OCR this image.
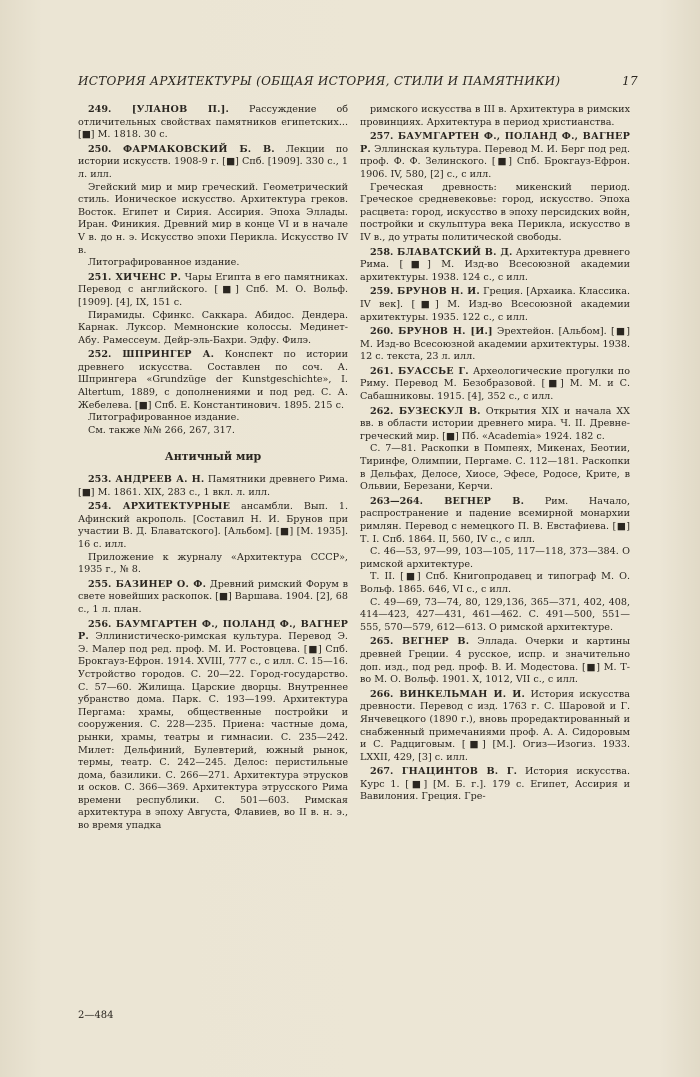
ИСТОРИЯ АРХИТЕКТУРЫ (ОБЩАЯ ИСТОРИЯ, СТИЛИ И ПАМЯТНИКИ)	17

249. [УЛАНОВ П.]. Рассуждение об отличительных свойствах памятников египетских... [■] М. 1818. 30 с.

250. ФАРМАКОВСКИЙ Б. В. Лекции по истории искусств. 1908-9 г. [■] Спб. [1909]. 330 с., 1 л. илл.

Эгейский мир и мир греческий. Геометрический стиль. Ионическое искусство. Архитектура греков. Восток. Египет и Сирия. Ассирия. Эпоха Эллады. Иран. Финикия. Древний мир в конце VI и в начале V в. до н. э. Искусство эпохи Перикла. Искусство IV в.

Литографированное издание.

251. ХИЧЕНС Р. Чары Египта в его памятниках. Перевод с английского. [■] Спб. М. О. Вольф. [1909]. [4], IX, 151 с.

Пирамиды. Сфинкс. Саккара. Абидос. Дендера. Карнак. Луксор. Мемнонские колоссы. Мединет-Абу. Рамессеум. Дейр-эль-Бахри. Эдфу. Филэ.

252. ШПРИНГЕР А. Конспект по истории древнего искусства. Составлен по соч. А. Шпрингера «Grundzüge der Kunstgeschichte», I. Altertum, 1889, с дополнениями и под ред. С. А. Жебелева. [■] Спб. Е. Константинович. 1895. 215 с.

Литографированное издание.

См. также №№ 266, 267, 317.

Античный мир

253. АНДРЕЕВ А. Н. Памятники древнего Рима. [■] М. 1861. XIX, 283 с., 1 вкл. л. илл.

254. АРХИТЕКТУРНЫЕ ансамбли. Вып. 1. Афинский акрополь. [Составил Н. И. Брунов при участии В. Д. Блаватского]. [Альбом]. [■] [М. 1935]. 16 с. илл.

Приложение к журналу «Архитектура СССР», 1935 г., № 8.

255. БАЗИНЕР О. Ф. Древний римский Форум в свете новейших раскопок. [■] Варшава. 1904. [2], 68 с., 1 л. план.

256. БАУМГАРТЕН Ф., ПОЛАНД Ф., ВАГНЕР Р. Эллинистическо-римская культура. Перевод Э. Э. Малер под ред. проф. М. И. Ростовцева. [■] Спб. Брокгауз-Ефрон. 1914. XVIII, 777 с., с илл. С. 15—16. Устройство городов. С. 20—22. Город-государство. С. 57—60. Жилища. Царские дворцы. Внутреннее убранство дома. Парк. С. 193—199. Архитектура Пергама: храмы, общественные постройки и сооружения. С. 228—235. Приена: частные дома, рынки, храмы, театры и гимнасии. С. 235—242. Милет: Дельфиний, Булевтерий, южный рынок, термы, театр. С. 242—245. Делос: перистильные дома, базилики. С. 266—271. Архитектура этрусков и осков. С. 366—369. Архитектура этрусского Рима времени республики. С. 501—603. Римская архитектура в эпоху Августа, Флавиев, во II в. н. э., во время упадка

римского искусства в III в. Архитектура в римских провинциях. Архитектура в период христианства.

257. БАУМГАРТЕН Ф., ПОЛАНД Ф., ВАГНЕР Р. Эллинская культура. Перевод М. И. Берг под ред. проф. Ф. Ф. Зелинского. [■] Спб. Брокгауз-Ефрон. 1906. IV, 580, [2] с., с илл.

Греческая древность: микенский период. Греческое средневековье: город, искусство. Эпоха расцвета: город, искусство в эпоху персидских войн, постройки и скульптура века Перикла, искусство в IV в., до утраты политической свободы.

258. БЛАВАТСКИЙ В. Д. Архитектура древнего Рима. [■] М. Изд-во Всесоюзной академии архитектуры. 1938. 124 с., с илл.

259. БРУНОВ Н. И. Греция. [Архаика. Классика. IV век]. [■] М. Изд-во Всесоюзной академии архитектуры. 1935. 122 с., с илл.

260. БРУНОВ Н. [И.] Эрехтейон. [Альбом]. [■] М. Изд-во Всесоюзной академии архитектуры. 1938. 12 с. текста, 23 л. илл.

261. БУАССЬЕ Г. Археологические прогулки по Риму. Перевод М. Безобразовой. [■] М. М. и С. Сабашниковы. 1915. [4], 352 с., с илл.

262. БУЗЕСКУЛ В. Открытия XIX и начала XX вв. в области истории древнего мира. Ч. II. Древне-греческий мир. [■] Пб. «Academia» 1924. 182 с.

С. 7—81. Раскопки в Помпеях, Микенах, Беотии, Тиринфе, Олимпии, Пергаме. С. 112—181. Раскопки в Дельфах, Делосе, Хиосе, Эфесе, Родосе, Крите, в Ольвии, Березани, Керчи.

263—264. ВЕГНЕР В. Рим. Начало, распространение и падение всемирной монархии римлян. Перевод с немецкого П. В. Евстафиева. [■] Т. I. Спб. 1864. II, 560, IV с., с илл.

С. 46—53, 97—99, 103—105, 117—118, 373—384. О римской архитектуре.

Т. II. [■] Спб. Книгопродавец и типограф М. О. Вольф. 1865. 646, VI с., с илл.

С. 49—69, 73—74, 80, 129,136, 365—371, 402, 408, 414—423, 427—431, 461—462. С. 491—500, 551—555, 570—579, 612—613. О римской архитектуре.

265. ВЕГНЕР В. Эллада. Очерки и картины древней Греции. 4 русское, испр. и значительно доп. изд., под ред. проф. В. И. Модестова. [■] М. Т-во М. О. Вольф. 1901. X, 1012, VII с., с илл.

266. ВИНКЕЛЬМАН И. И. История искусства древности. Перевод с изд. 1763 г. С. Шаровой и Г. Янчевецкого (1890 г.), вновь проредактированный и снабженный примечаниями проф. А. А. Сидоровым и С. Радциговым. [■] [М.]. Огиз—Изогиз. 1933. LXXII, 429, [3] с. илл.

267. ГНАЦИНТОВ В. Г. История искусства. Курс 1. [■] [М. Б. г.]. 179 с. Египет, Ассирия и Вавилония. Греция. Гре-

2—484
